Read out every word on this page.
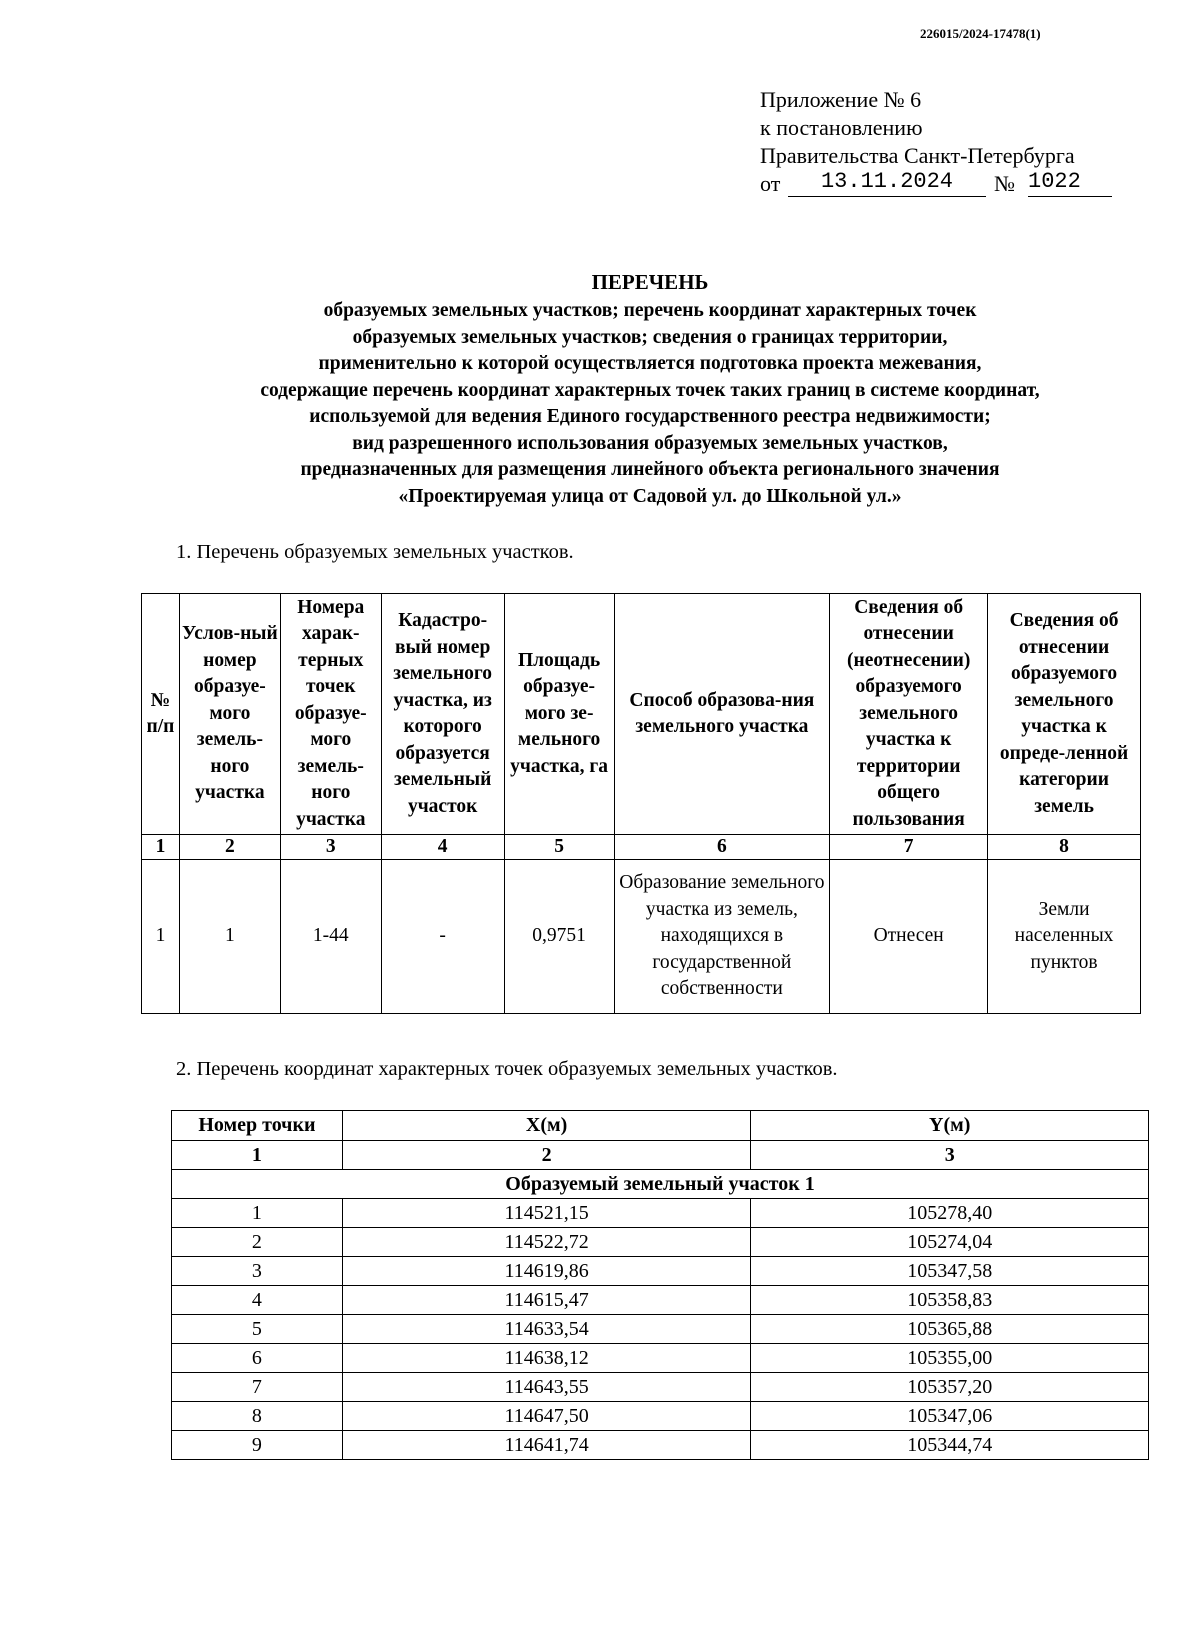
226015/2024-17478(1)
Приложение № 6
к постановлению
Правительства Санкт-Петербурга
от	13.11.2024	№ 1022
ПЕРЕЧЕНЬ
образуемых земельных участков; перечень координат характерных точек
образуемых земельных участков; сведения о границах территории,
применительно к которой осуществляется подготовка проекта межевания,
содержащие перечень координат характерных точек таких границ в системе координат,
используемой для ведения Единого государственного реестра недвижимости;
вид разрешенного использования образуемых земельных участков,
предназначенных для размещения линейного объекта регионального значения
«Проектируемая улица от Садовой ул. до Школьной ул.»
1. Перечень образуемых земельных участков.
№ п/п	Услов-ный номер образуе-мого земель-ного участка	Номера харак-терных точек образуе-мого земель-ного участка	Кадастро-вый номер земельного участка, из которого образуется земельный участок	Площадь образуе-мого зе-мельного участка, га	Способ образова-ния земельного участка	Сведения об отнесении (неотнесении) образуемого земельного участка к территории общего пользования	Сведения об отнесении образуемого земельного участка к опреде-ленной категории земель
1	2	3	4	5	6	7	8
1	1	1-44	-	0,9751	Образование земельного участка из земель, находящихся в государственной собственности	Отнесен	Земли населенных пунктов
2. Перечень координат характерных точек образуемых земельных участков.
Номер точки	X(м)	Y(м)
1	2	3
Образуемый земельный участок 1		
1	114521,15	105278,40
2	114522,72	105274,04
3	114619,86	105347,58
4	114615,47	105358,83
5	114633,54	105365,88
6	114638,12	105355,00
7	114643,55	105357,20
8	114647,50	105347,06
9	114641,74	105344,74
